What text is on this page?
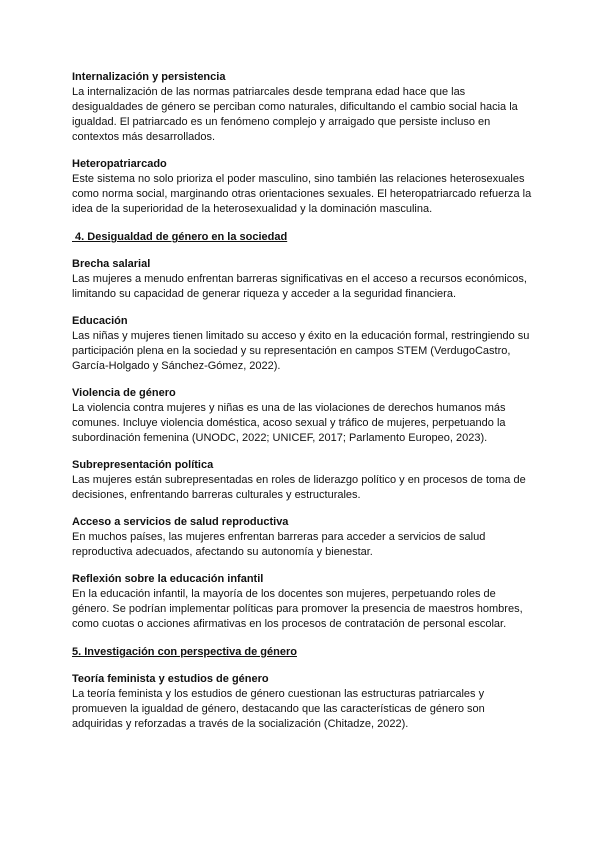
Internalización y persistencia

La internalización de las normas patriarcales desde temprana edad hace que las desigualdades de género se perciban como naturales, dificultando el cambio social hacia la igualdad. El patriarcado es un fenómeno complejo y arraigado que persiste incluso en contextos más desarrollados.

Heteropatriarcado

Este sistema no solo prioriza el poder masculino, sino también las relaciones heterosexuales como norma social, marginando otras orientaciones sexuales. El heteropatriarcado refuerza la idea de la superioridad de la heterosexualidad y la dominación masculina.

4. Desigualdad de género en la sociedad

Brecha salarial

Las mujeres a menudo enfrentan barreras significativas en el acceso a recursos económicos, limitando su capacidad de generar riqueza y acceder a la seguridad financiera.

Educación

Las niñas y mujeres tienen limitado su acceso y éxito en la educación formal, restringiendo su participación plena en la sociedad y su representación en campos STEM (VerdugoCastro, García-Holgado y Sánchez-Gómez, 2022).

Violencia de género

La violencia contra mujeres y niñas es una de las violaciones de derechos humanos más comunes. Incluye violencia doméstica, acoso sexual y tráfico de mujeres, perpetuando la subordinación femenina (UNODC, 2022; UNICEF, 2017; Parlamento Europeo, 2023).

Subrepresentación política

Las mujeres están subrepresentadas en roles de liderazgo político y en procesos de toma de decisiones, enfrentando barreras culturales y estructurales.

Acceso a servicios de salud reproductiva

En muchos países, las mujeres enfrentan barreras para acceder a servicios de salud reproductiva adecuados, afectando su autonomía y bienestar.

Reflexión sobre la educación infantil

En la educación infantil, la mayoría de los docentes son mujeres, perpetuando roles de género. Se podrían implementar políticas para promover la presencia de maestros hombres, como cuotas o acciones afirmativas en los procesos de contratación de personal escolar.

5. Investigación con perspectiva de género

Teoría feminista y estudios de género

La teoría feminista y los estudios de género cuestionan las estructuras patriarcales y promueven la igualdad de género, destacando que las características de género son adquiridas y reforzadas a través de la socialización (Chitadze, 2022).
